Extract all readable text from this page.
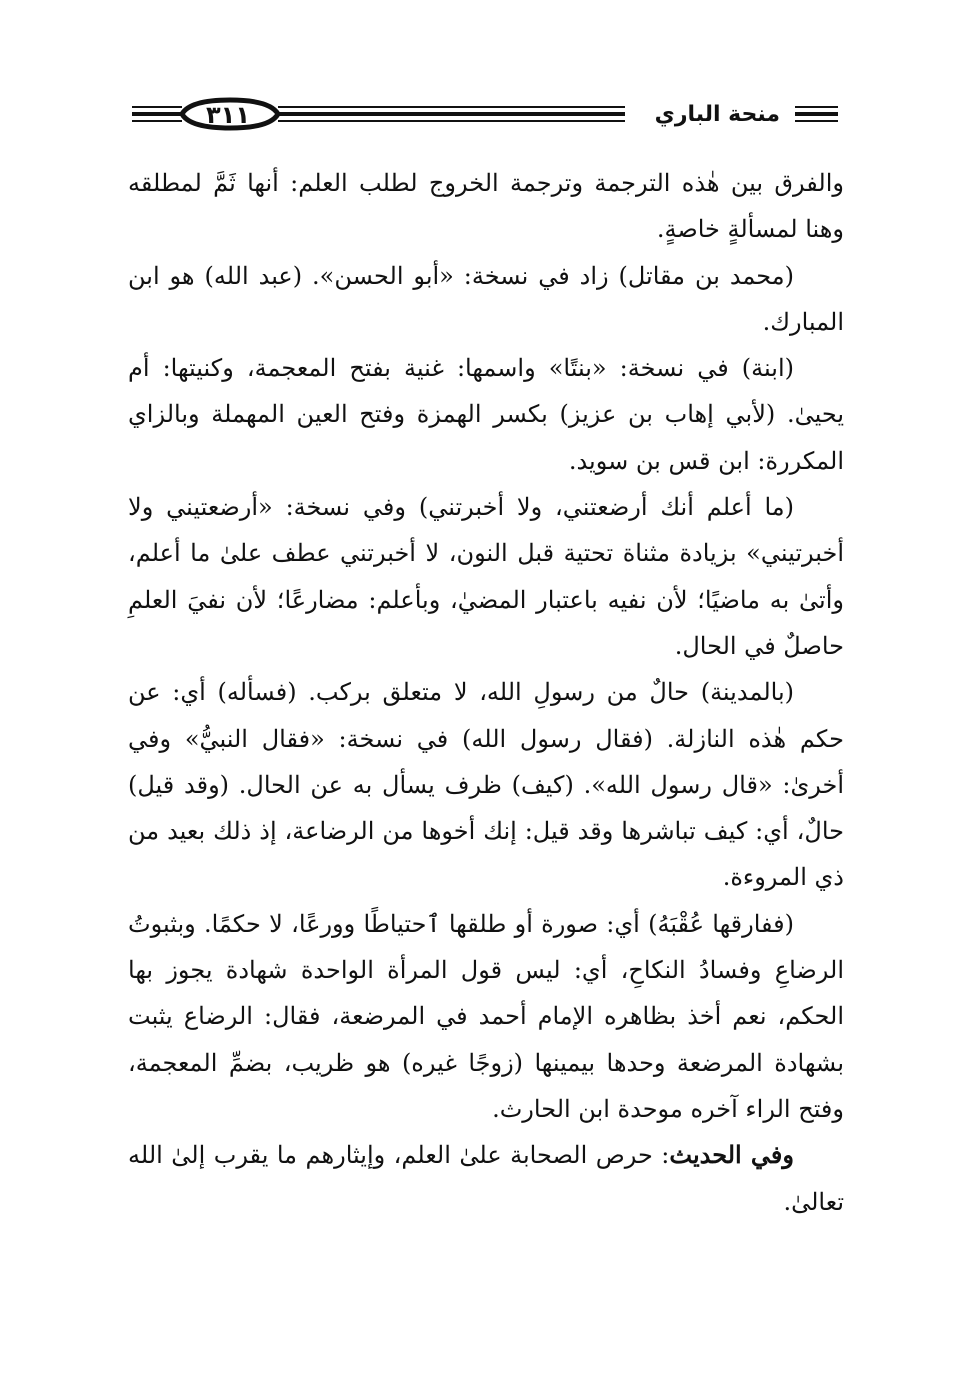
٣١١	منحة الباري

والفرق بين هٰذه الترجمة وترجمة الخروج لطلب العلم: أنها ثَمَّ لمطلقه وهنا لمسألةٍ خاصةٍ.

(محمد بن مقاتل) زاد في نسخة: «أبو الحسن». (عبد الله) هو ابن المبارك.

(ابنة) في نسخة: «بنتًا» واسمها: غنية بفتح المعجمة، وكنيتها: أم يحيىٰ. (لأبي إهاب بن عزيز) بكسر الهمزة وفتح العين المهملة وبالزاي المكررة: ابن قس بن سويد.

(ما أعلم أنك أرضعتني، ولا أخبرتني) وفي نسخة: «أرضعتيني ولا أخبرتيني» بزيادة مثناة تحتية قبل النون، لا أخبرتني عطف علىٰ ما أعلم، وأتىٰ به ماضيًا؛ لأن نفيه باعتبار المضيٰ، وبأعلم: مضارعًا؛ لأن نفيَ العلمِ حاصلٌ في الحال.

(بالمدينة) حالٌ من رسولِ الله، لا متعلق بركب. (فسأله) أي: عن حكم هٰذه النازلة. (فقال رسول الله) في نسخة: «فقال النبيُّ» وفي أخرىٰ: «قال رسول الله». (كيف) ظرف يسأل به عن الحال. (وقد قيل) حالٌ، أي: كيف تباشرها وقد قيل: إنك أخوها من الرضاعة، إذ ذلك بعيد من ذي المروءة.

(ففارقها عُقْبَهُ) أي: صورة أو طلقها ٱحتياطًا وورعًا، لا حكمًا. وبثبوتُ الرضاعِ وفسادُ النكاحِ، أي: ليس قول المرأة الواحدة شهادة يجوز بها الحكم، نعم أخذ بظاهره الإمام أحمد في المرضعة، فقال: الرضاع يثبت بشهادة المرضعة وحدها بيمينها (زوجًا غيره) هو ظريب، بضمِّ المعجمة، وفتح الراء آخره موحدة ابن الحارث.

وفي الحديث: حرص الصحابة علىٰ العلم، وإيثارهم ما يقرب إلىٰ الله تعالىٰ.
